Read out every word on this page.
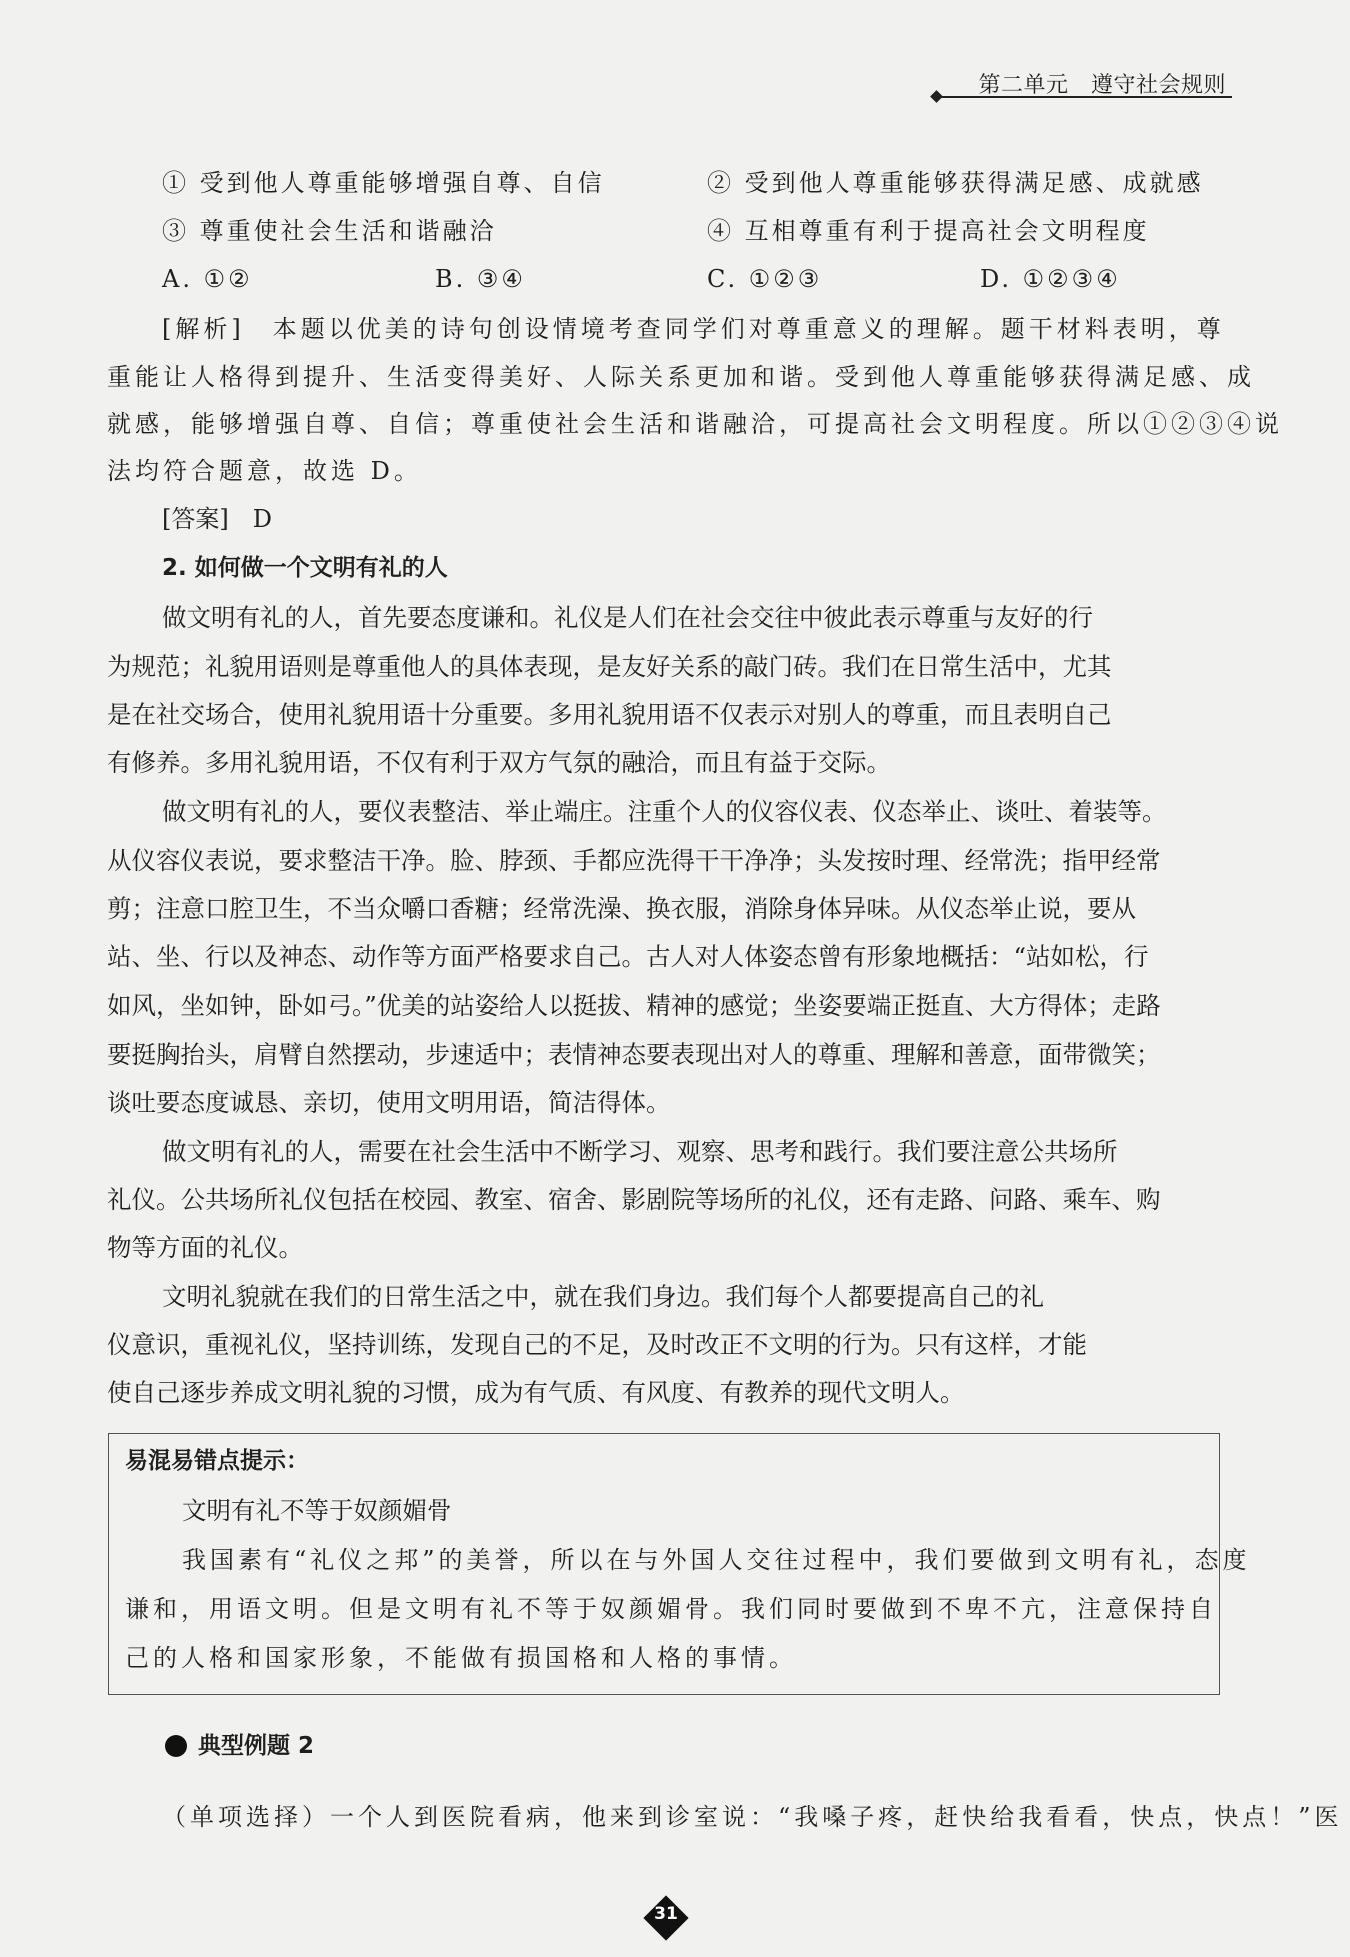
第二单元　遵守社会规则
① 受到他人尊重能够增强自尊、自信	② 受到他人尊重能够获得满足感、成就感
③ 尊重使社会生活和谐融洽	④ 互相尊重有利于提高社会文明程度
A. ①②	B. ③④	C. ①②③	D. ①②③④
[解析]　本题以优美的诗句创设情境考查同学们对尊重意义的理解。题干材料表明，尊
重能让人格得到提升、生活变得美好、人际关系更加和谐。受到他人尊重能够获得满足感、成
就感，能够增强自尊、自信；尊重使社会生活和谐融洽，可提高社会文明程度。所以①②③④说
法均符合题意，故选 D。
[答案]　D
2. 如何做一个文明有礼的人
做文明有礼的人，首先要态度谦和。礼仪是人们在社会交往中彼此表示尊重与友好的行
为规范；礼貌用语则是尊重他人的具体表现，是友好关系的敲门砖。我们在日常生活中，尤其
是在社交场合，使用礼貌用语十分重要。多用礼貌用语不仅表示对别人的尊重，而且表明自己
有修养。多用礼貌用语，不仅有利于双方气氛的融洽，而且有益于交际。
做文明有礼的人，要仪表整洁、举止端庄。注重个人的仪容仪表、仪态举止、谈吐、着装等。
从仪容仪表说，要求整洁干净。脸、脖颈、手都应洗得干干净净；头发按时理、经常洗；指甲经常
剪；注意口腔卫生，不当众嚼口香糖；经常洗澡、换衣服，消除身体异味。从仪态举止说，要从
站、坐、行以及神态、动作等方面严格要求自己。古人对人体姿态曾有形象地概括：“站如松，行
如风，坐如钟，卧如弓。”优美的站姿给人以挺拔、精神的感觉；坐姿要端正挺直、大方得体；走路
要挺胸抬头，肩臂自然摆动，步速适中；表情神态要表现出对人的尊重、理解和善意，面带微笑；
谈吐要态度诚恳、亲切，使用文明用语，简洁得体。
做文明有礼的人，需要在社会生活中不断学习、观察、思考和践行。我们要注意公共场所
礼仪。公共场所礼仪包括在校园、教室、宿舍、影剧院等场所的礼仪，还有走路、问路、乘车、购
物等方面的礼仪。
文明礼貌就在我们的日常生活之中，就在我们身边。我们每个人都要提高自己的礼
仪意识，重视礼仪，坚持训练，发现自己的不足，及时改正不文明的行为。只有这样，才能
使自己逐步养成文明礼貌的习惯，成为有气质、有风度、有教养的现代文明人。
易混易错点提示：
文明有礼不等于奴颜媚骨
我国素有“礼仪之邦”的美誉，所以在与外国人交往过程中，我们要做到文明有礼，态度
谦和，用语文明。但是文明有礼不等于奴颜媚骨。我们同时要做到不卑不亢，注意保持自
己的人格和国家形象，不能做有损国格和人格的事情。
典型例题 2
（单项选择）一个人到医院看病，他来到诊室说：“我嗓子疼，赶快给我看看，快点，快点！”医
31
